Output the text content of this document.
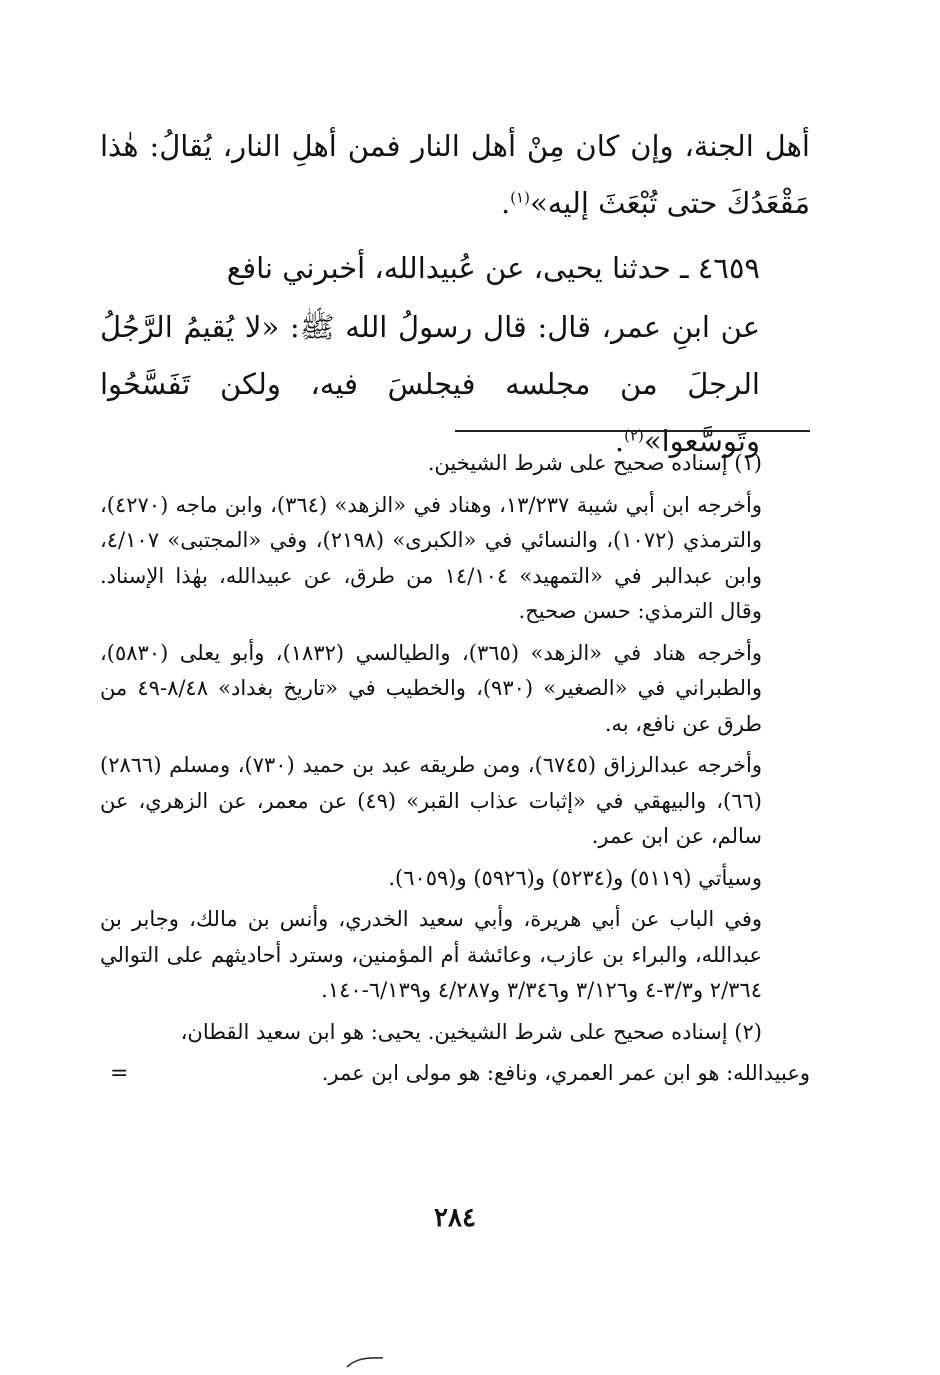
أهل الجنة، وإن كان مِنْ أهل النار فمن أهلِ النار، يُقالُ: هٰذا مَقْعَدُكَ حتى تُبْعَثَ إليه»$^{(١)}$.

٤٦٥٩ ـ حدثنا يحيى، عن عُبيدالله، أخبرني نافع

عن ابنِ عمر، قال: قال رسولُ الله ﷺ: «لا يُقيمُ الرَّجُلُ الرجلَ من مجلسه فيجلسَ فيه، ولكن تَفَسَّحُوا وتَوسَّعوا»$^{(٢)}$.

(١) إسناده صحيح على شرط الشيخين.

وأخرجه ابن أبي شيبة ١٣/٢٣٧، وهناد في «الزهد» (٣٦٤)، وابن ماجه (٤٢٧٠)، والترمذي (١٠٧٢)، والنسائي في «الكبرى» (٢١٩٨)، وفي «المجتبى» ٤/١٠٧، وابن عبدالبر في «التمهيد» ١٤/١٠٤ من طرق، عن عبيدالله، بهٰذا الإسناد. وقال الترمذي: حسن صحيح.

وأخرجه هناد في «الزهد» (٣٦٥)، والطيالسي (١٨٣٢)، وأبو يعلى (٥٨٣٠)، والطبراني في «الصغير» (٩٣٠)، والخطيب في «تاريخ بغداد» ٨/٤٨-٤٩ من طرق عن نافع، به.

وأخرجه عبدالرزاق (٦٧٤٥)، ومن طريقه عبد بن حميد (٧٣٠)، ومسلم (٢٨٦٦) (٦٦)، والبيهقي في «إثبات عذاب القبر» (٤٩) عن معمر، عن الزهري، عن سالم، عن ابن عمر.

وسيأتي (٥١١٩) و(٥٢٣٤) و(٥٩٢٦) و(٦٠٥٩).

وفي الباب عن أبي هريرة، وأبي سعيد الخدري، وأنس بن مالك، وجابر بن عبدالله، والبراء بن عازب، وعائشة أم المؤمنين، وسترد أحاديثهم على التوالي ٢/٣٦٤ و٣/٣-٤ و٣/١٢٦ و٣/٣٤٦ و٤/٢٨٧ و٦/١٣٩-١٤٠.

(٢) إسناده صحيح على شرط الشيخين. يحيى: هو ابن سعيد القطان،

وعبيدالله: هو ابن عمر العمري، ونافع: هو مولى ابن عمر.
=

٢٨٤
